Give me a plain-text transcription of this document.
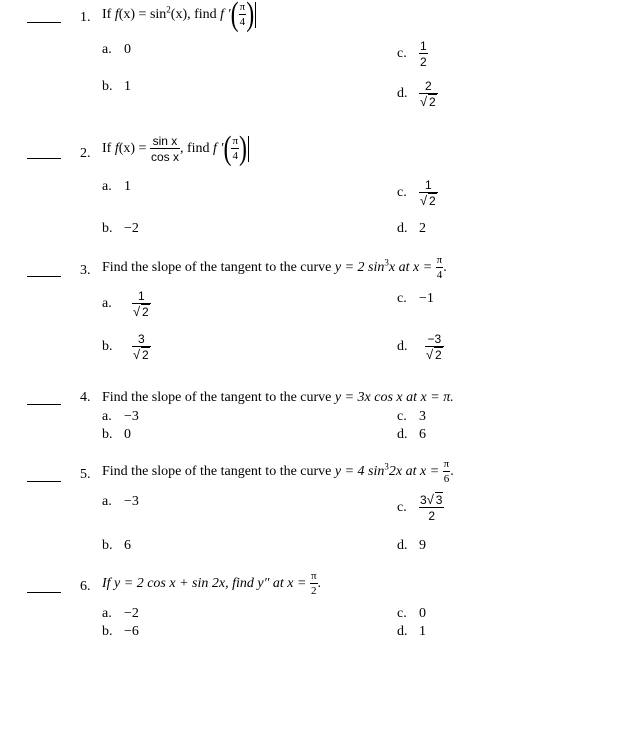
1. If $f(x) = \sin^2(x)$, find f ′( $\frac{\pi}{4}$ )
a. 0
b. 1
c. $\frac{1}{2}$
d. $\frac{2}{√ 2}$
2. If $f(x) = \frac{\text{sin x}}{\text{cos x}}$ , find f ′( $\frac{\pi}{4}$ )
a. 1
b. −2
c. $\frac{1}{√ 2}$
d. 2
3. Find the slope of the tangent to the curve y = 2 $\sin^3x$ at $x = \frac{\pi}{4}$ .
a. $\frac{1}{√ 2}$
b. $\frac{3}{√ 2}$
c. −1
d. $\frac{-3}{√ 2}$
4. Find the slope of the tangent to the curve y = 3x cos x at x = π.
a. −3
b. 0
c. 3
d. 6
5. Find the slope of the tangent to the curve y = 4 $\sin^32x$ at $x = \frac{\pi}{6}$ .
a. −3
b. 6
c. $\frac{3 √ 3}{2}$
d. 9
6. If y = 2 cos x + sin 2x, find y″ at $x = \frac{\pi}{2}$ .
a. −2
b. −6
c. 0
d. 1
